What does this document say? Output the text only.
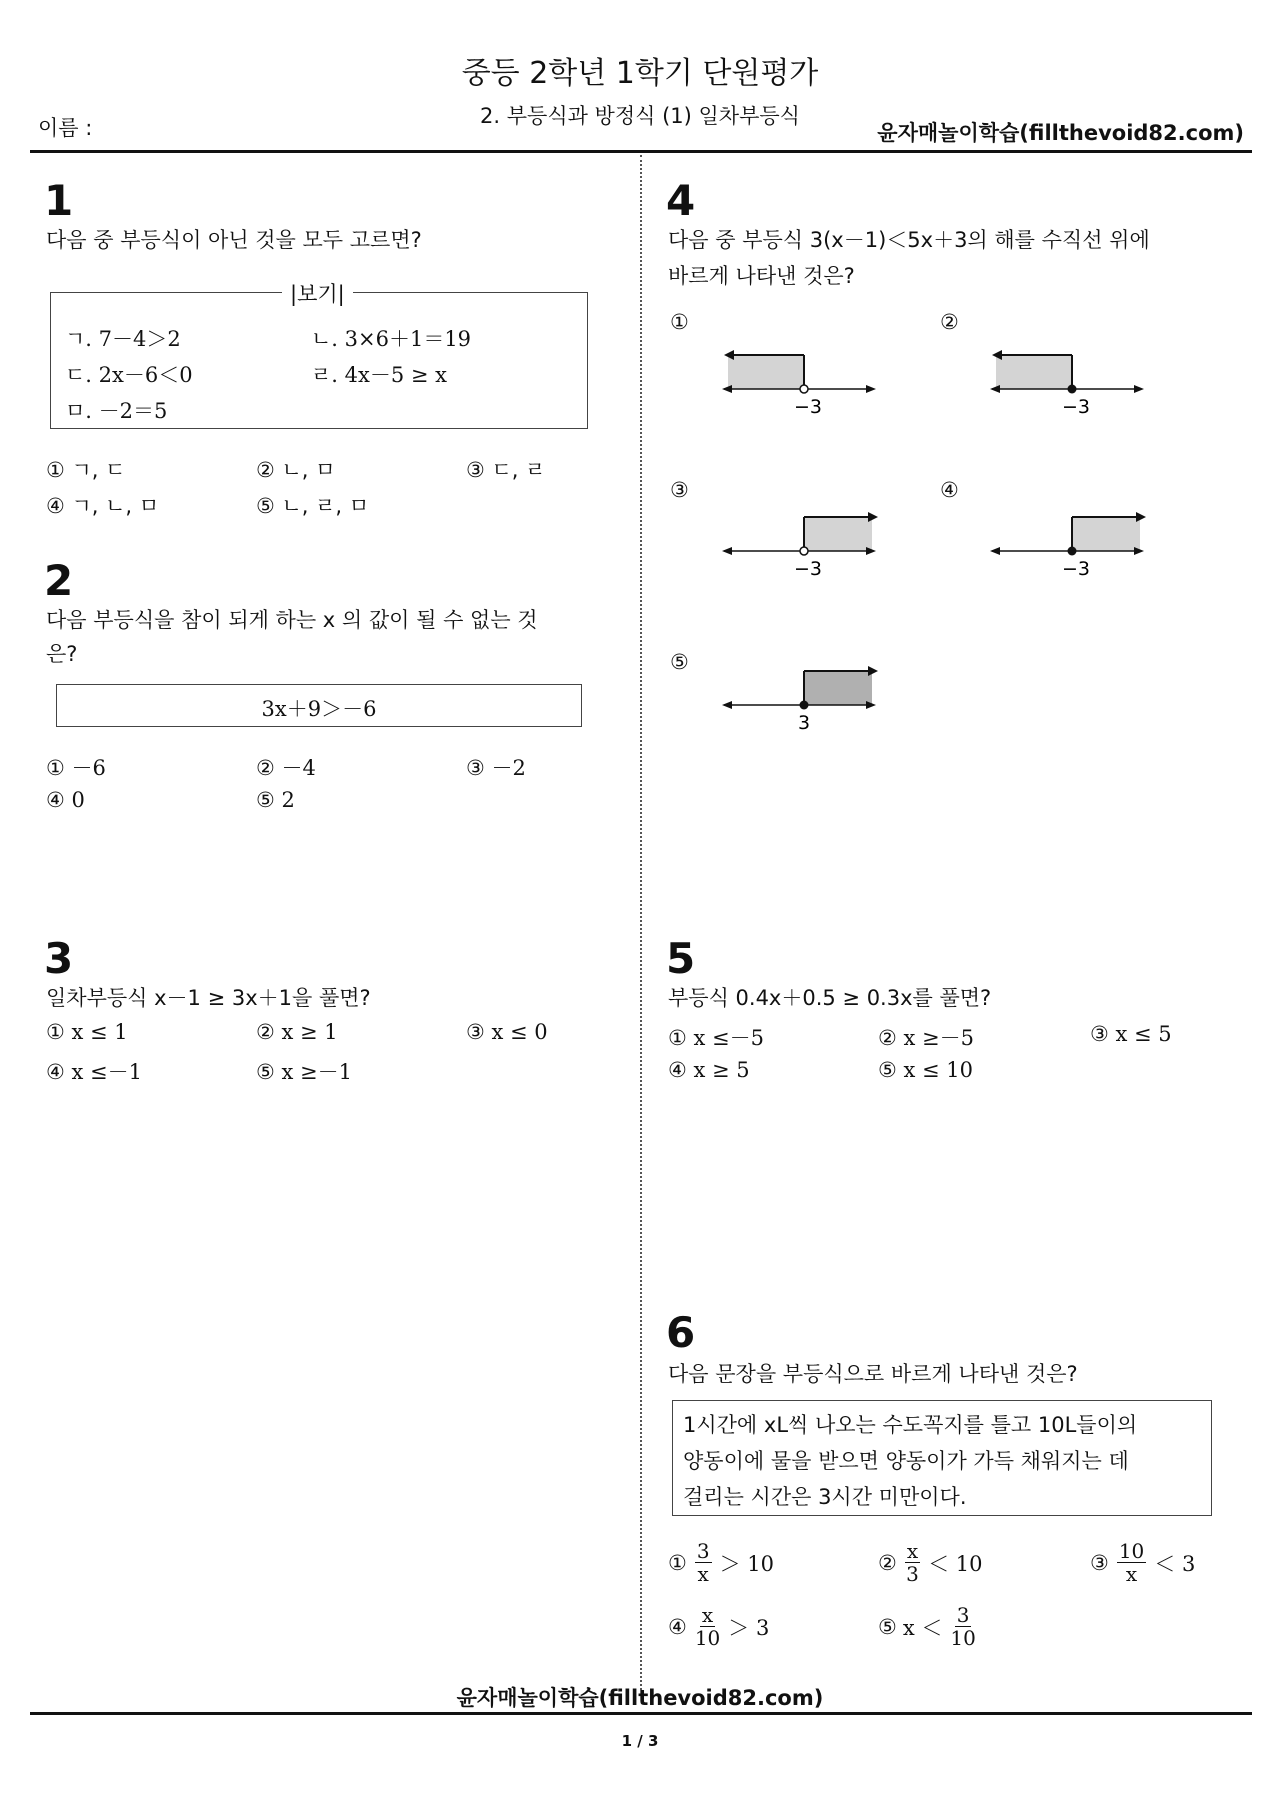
중등 2학년 1학기 단원평가
2. 부등식과 방정식 (1) 일차부등식
이름 :	윤자매놀이학습(fillthevoid82.com)
1
다음 중 부등식이 아닌 것을 모두 고르면?
|보기|
ㄱ. 7－4＞2	ㄴ. 3×6＋1＝19
ㄷ. 2x－6＜0	ㄹ. 4x－5 ≥ x
ㅁ. －2＝5
① ㄱ, ㄷ	② ㄴ, ㅁ	③ ㄷ, ㄹ
④ ㄱ, ㄴ, ㅁ	⑤ ㄴ, ㄹ, ㅁ
2
다음 부등식을 참이 되게 하는 x 의 값이 될 수 없는 것
은?
3x＋9＞－6
① －6	② －4	③ －2
④ 0	⑤ 2
3
일차부등식 x－1 ≥ 3x＋1을 풀면?
① x ≤ 1	② x ≥ 1	③ x ≤ 0
④ x ≤－1	⑤ x ≥－1
4
다음 중 부등식 3(x－1)＜5x＋3의 해를 수직선 위에
바르게 나타낸 것은?
①
−3
②
−3
③
−3
④
−3
⑤
3
5
부등식 0.4x＋0.5 ≥ 0.3x를 풀면?
① x ≤－5	② x ≥－5	③ x ≤ 5
④ x ≥ 5	⑤ x ≤ 10
6
다음 문장을 부등식으로 바르게 나타낸 것은?
1시간에 xL씩 나오는 수도꼭지를 틀고 10L들이의
양동이에 물을 받으면 양동이가 가득 채워지는 데
걸리는 시간은 3시간 미만이다.
① $\frac{3}{x} > 10$	② $\frac{x}{3} < 10$	③ $\frac{10}{x} < 3$
④ $\frac{x}{10} > 3$	⑤ $x < \frac{3}{10}$
윤자매놀이학습(fillthevoid82.com)
1 / 3
